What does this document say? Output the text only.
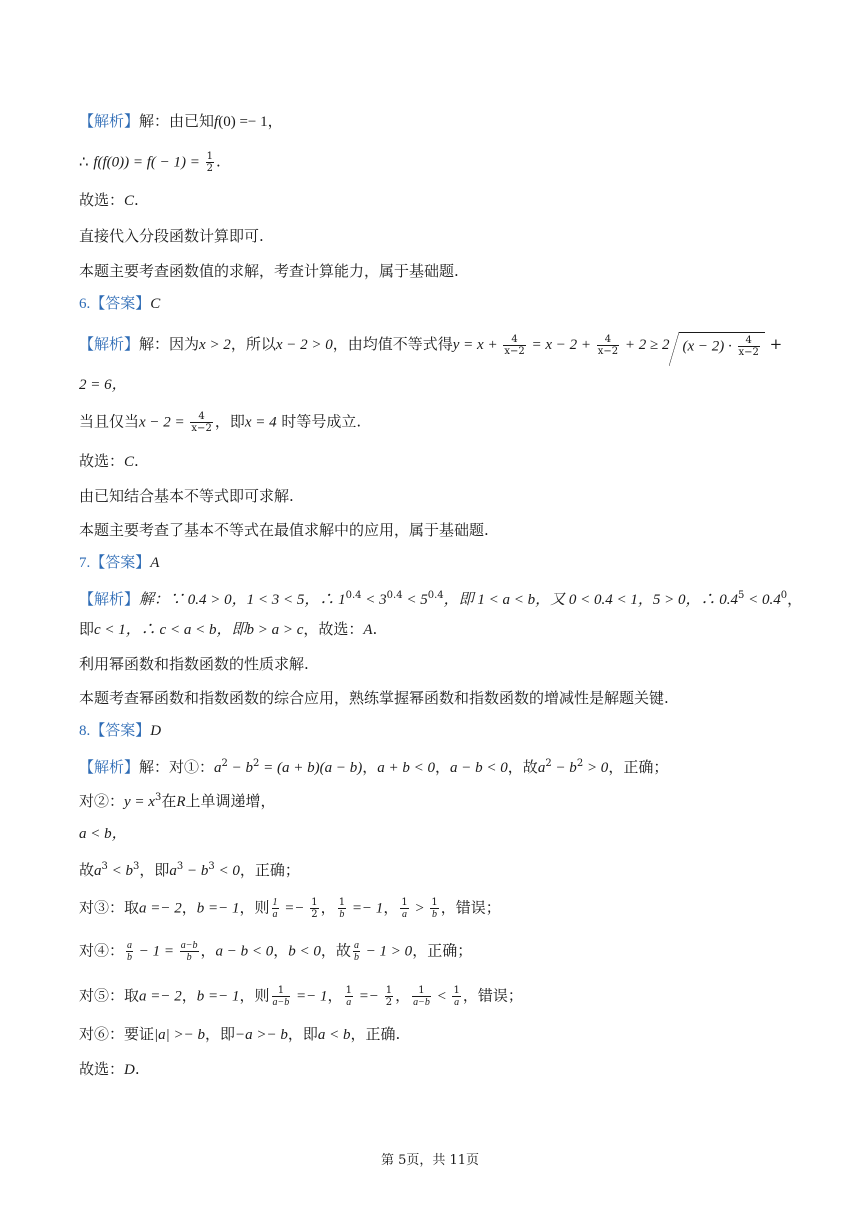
【解析】解：由已知f(0) =− 1，
∴ $f(f(0)) = f( - 1) = \frac{1}{2}$ .
故选：C.
直接代入分段函数计算即可.
本题主要考查函数值的求解，考查计算能力，属于基础题.
6.【答案】C
【解析】解：因为x > 2，所以x − 2 > 0，由均值不等式得$y = x + \frac{4}{x-2} = x - 2 + \frac{4}{x-2} + 2 \ge 2$ $(x - 2) \cdot \frac{4}{x-2}$ +
2 = 6，
当且仅当$x - 2 = \frac{4}{x-2}$ ，即x = 4 时等号成立.
故选：C.
由已知结合基本不等式即可求解.
本题主要考查了基本不等式在最值求解中的应用，属于基础题.
7.【答案】A
【解析】解：∵ 0.4 > 0，1 < 3 < 5，∴ $1^{0.4} < 3^{0.4} < 5^{0.4}$，即 1 < a < b，又 0 < 0.4 < 1，5 > 0，∴ $0.4^5 < 0.4^0$，
即c < 1，∴ c < a < b，即b > a > c，故选：A.
利用幂函数和指数函数的性质求解.
本题考查幂函数和指数函数的综合应用，熟练掌握幂函数和指数函数的增减性是解题关键.
8.【答案】D
【解析】解：对①：$a^2 - b^2 = (a + b)(a - b)$，a + b < 0，a − b < 0，故$a^2 - b^2 > 0$，正确；
对②：$y = x^3$在R上单调递增，
a < b，
故$a^3 < b^3$，即$a^3 - b^3 < 0$，正确；
对③：取a =− 2，b =− 1，则 $\frac{1}{a} =- \frac{1}{2}$ ， $\frac{1}{b} =- 1$， $\frac{1}{a} > \frac{1}{b}$ ，错误；
对④： $\frac{a}{b} - 1 = \frac{a-b}{b}$ ，a − b < 0，b < 0，故 $\frac{a}{b} - 1 > 0$，正确；
对⑤：取a =− 2，b =− 1，则 $\frac{1}{a-b} =- 1$， $\frac{1}{a} =- \frac{1}{2}$ ， $\frac{1}{a-b} < \frac{1}{a}$ ，错误；
对⑥：要证|a| >− b，即−a >− b，即a < b，正确.
故选：D.
第 5页，共 11页
